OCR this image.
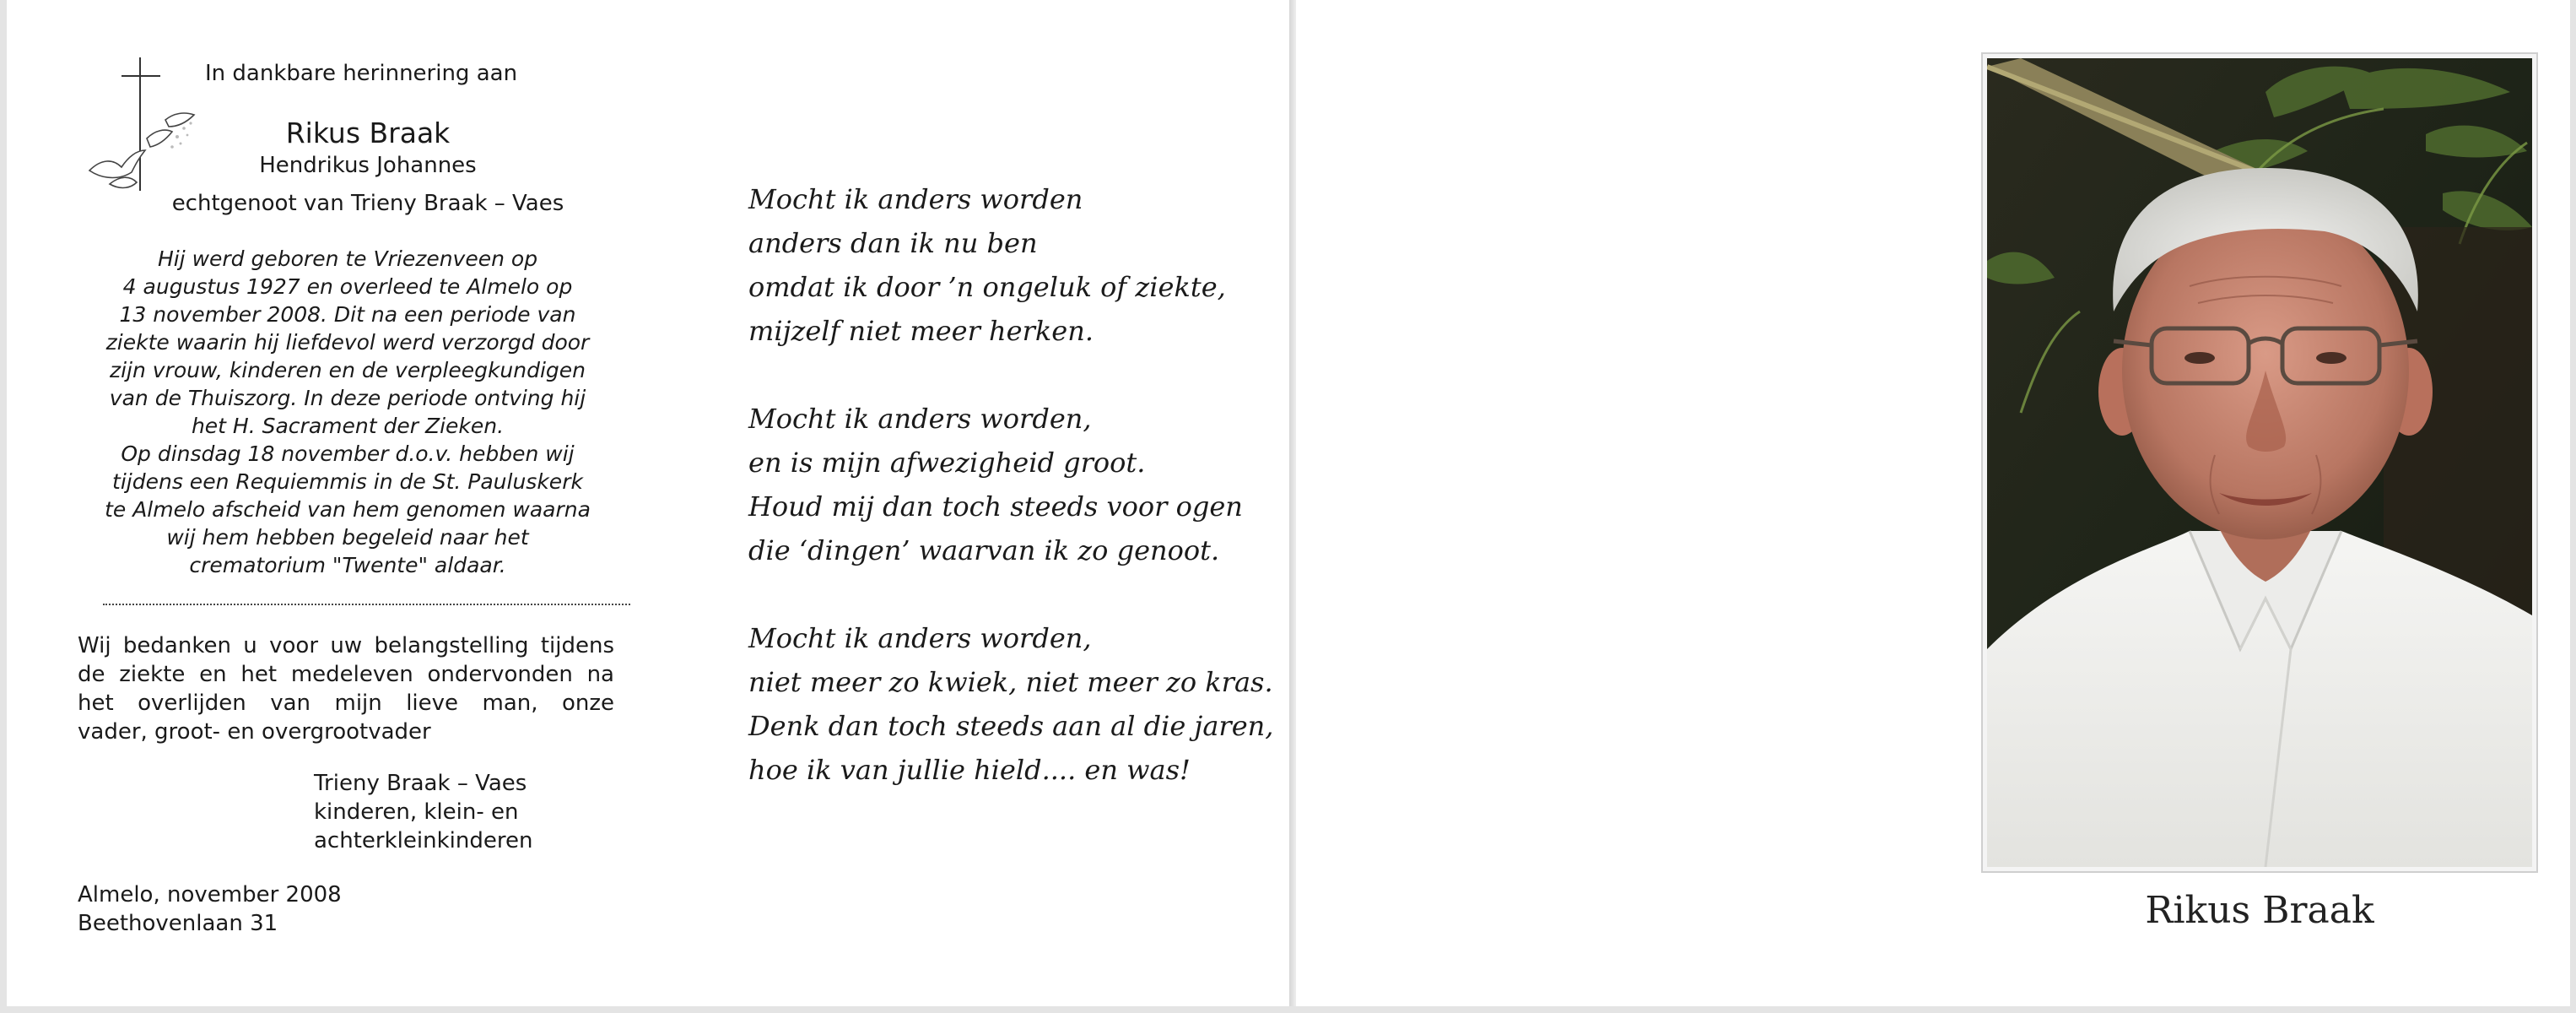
In dankbare herinnering aan
Rikus Braak
Hendrikus Johannes
echtgenoot van Trieny Braak – Vaes
Hij werd geboren te Vriezenveen op
4 augustus 1927 en overleed te Almelo op
13 november 2008. Dit na een periode van
ziekte waarin hij liefdevol werd verzorgd door
zijn vrouw, kinderen en de verpleegkundigen
van de Thuiszorg. In deze periode ontving hij
het H. Sacrament der Zieken.
Op dinsdag 18 november d.o.v. hebben wij
tijdens een Requiemmis in de St. Pauluskerk
te Almelo afscheid van hem genomen waarna
wij hem hebben begeleid naar het
crematorium "Twente" aldaar.
Wij bedanken u voor uw belangstelling tijdens
de ziekte en het medeleven ondervonden na
het overlijden van mijn lieve man, onze
vader, groot- en overgrootvader
Trieny Braak – Vaes
kinderen, klein- en
achterkleinkinderen
Almelo, november 2008
Beethovenlaan 31
Mocht ik anders worden
anders dan ik nu ben
omdat ik door ’n ongeluk of ziekte,
mijzelf niet meer herken.
Mocht ik anders worden,
en is mijn afwezigheid groot.
Houd mij dan toch steeds voor ogen
die ‘dingen’ waarvan ik zo genoot.
Mocht ik anders worden,
niet meer zo kwiek, niet meer zo kras.
Denk dan toch steeds aan al die jaren,
hoe ik van jullie hield.... en was!
Rikus Braak
